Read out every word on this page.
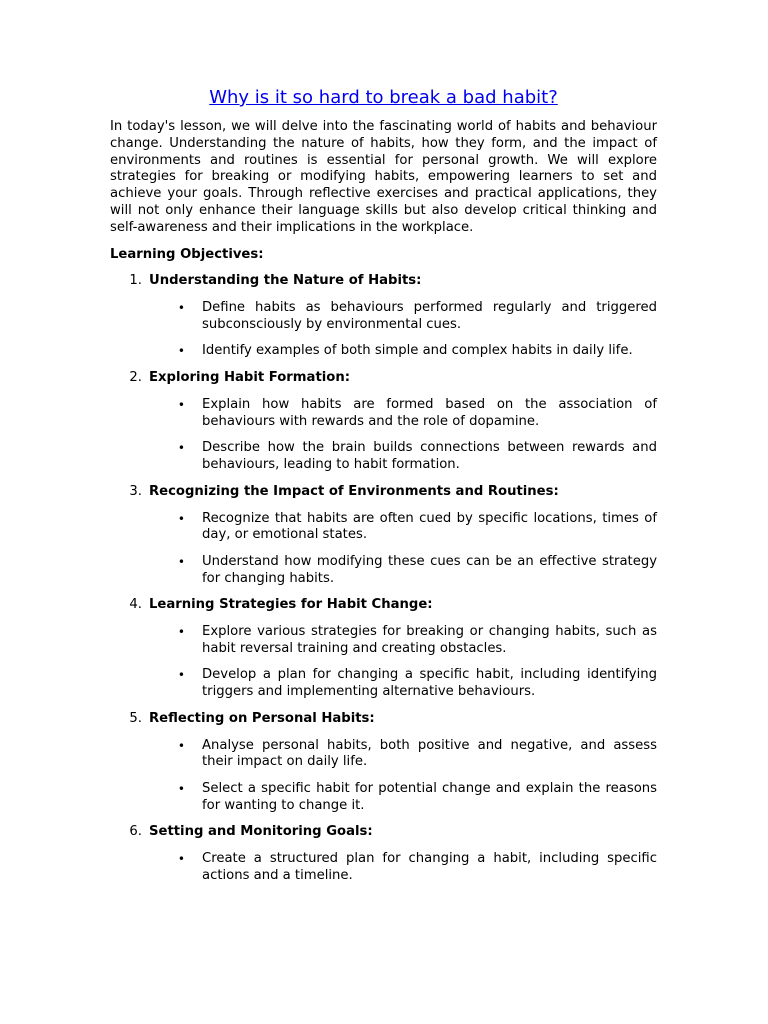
Why is it so hard to break a bad habit?

In today's lesson, we will delve into the fascinating world of habits and behaviour change. Understanding the nature of habits, how they form, and the impact of environments and routines is essential for personal growth. We will explore strategies for breaking or modifying habits, empowering learners to set and achieve your goals. Through reflective exercises and practical applications, they will not only enhance their language skills but also develop critical thinking and self-awareness and their implications in the workplace.

Learning Objectives:
1. Understanding the Nature of Habits:
•	Define habits as behaviours performed regularly and triggered subconsciously by environmental cues.
•	Identify examples of both simple and complex habits in daily life.
2. Exploring Habit Formation:
•	Explain how habits are formed based on the association of behaviours with rewards and the role of dopamine.
•	Describe how the brain builds connections between rewards and behaviours, leading to habit formation.
3. Recognizing the Impact of Environments and Routines:
•	Recognize that habits are often cued by specific locations, times of day, or emotional states.
•	Understand how modifying these cues can be an effective strategy for changing habits.
4. Learning Strategies for Habit Change:
•	Explore various strategies for breaking or changing habits, such as habit reversal training and creating obstacles.
•	Develop a plan for changing a specific habit, including identifying triggers and implementing alternative behaviours.
5. Reflecting on Personal Habits:
•	Analyse personal habits, both positive and negative, and assess their impact on daily life.
•	Select a specific habit for potential change and explain the reasons for wanting to change it.
6. Setting and Monitoring Goals:
•	Create a structured plan for changing a habit, including specific actions and a timeline.
